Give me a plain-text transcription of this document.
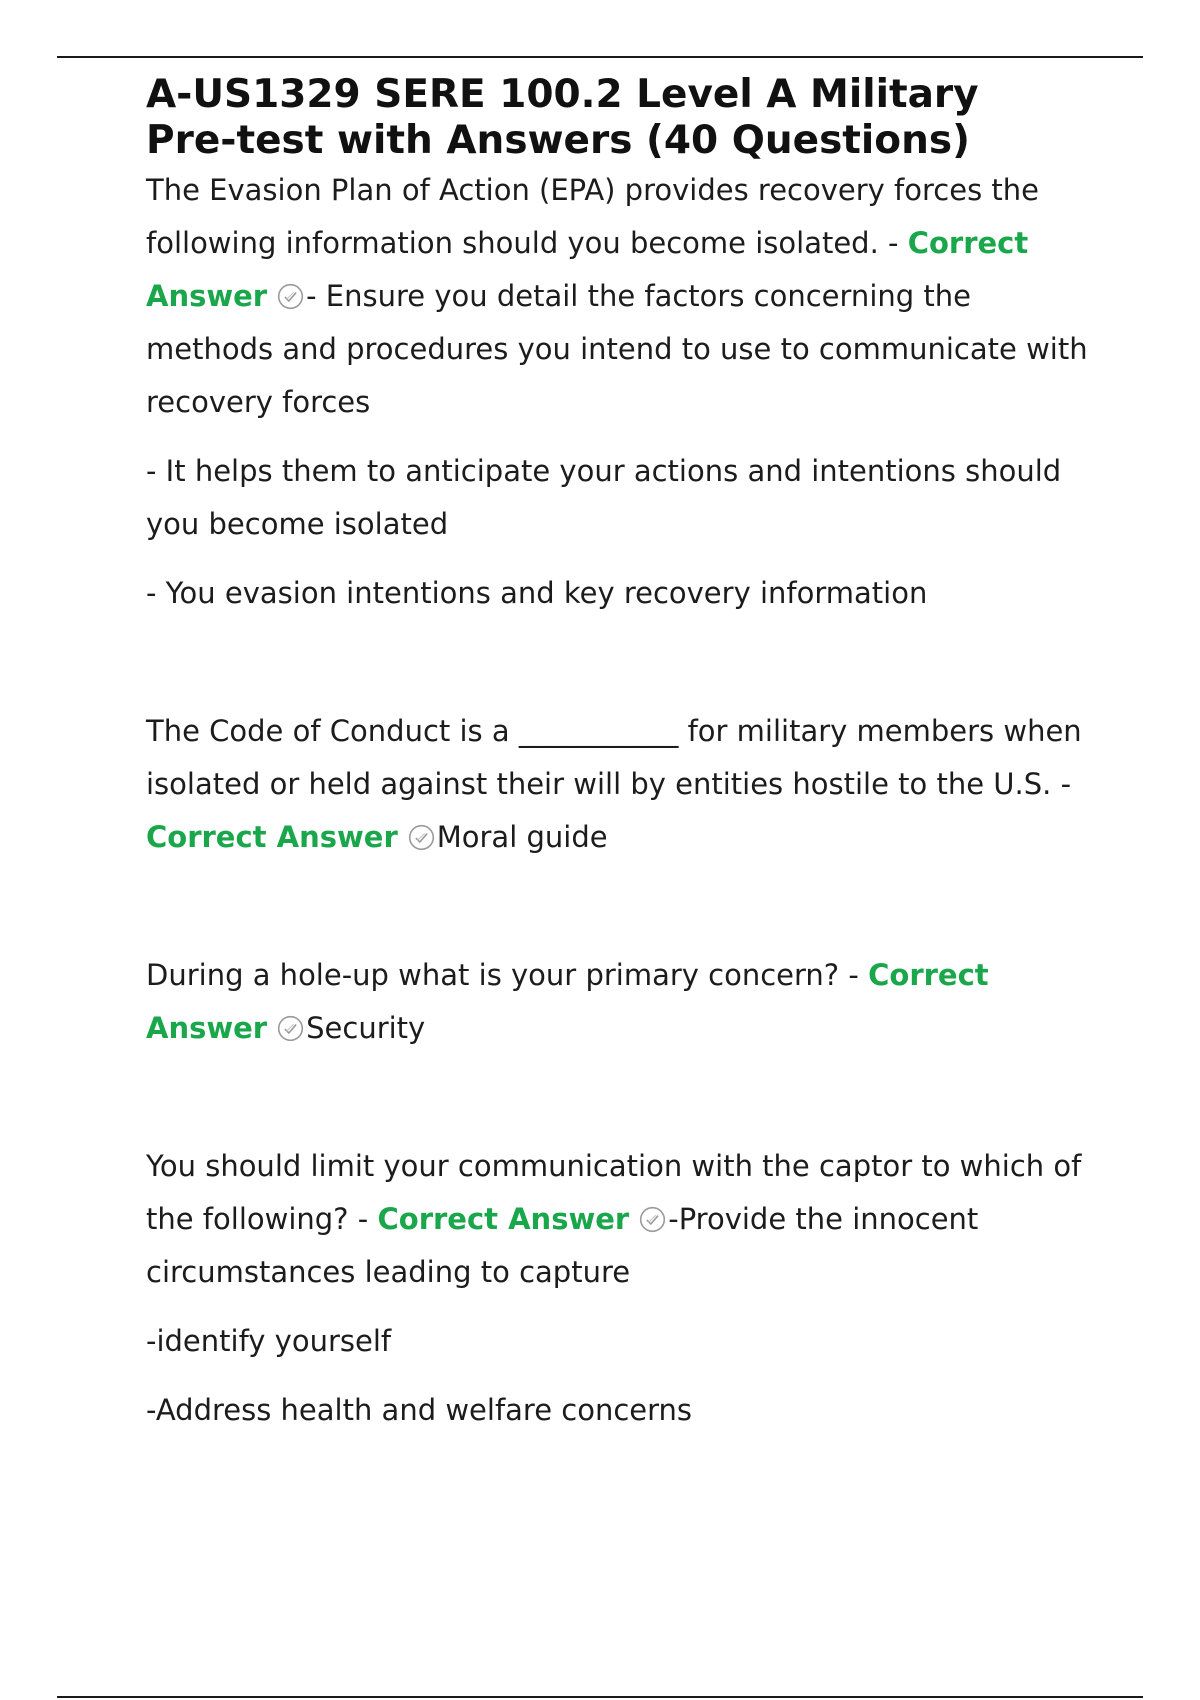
A-US1329 SERE 100.2 Level A Military
Pre-test with Answers (40 Questions)

The Evasion Plan of Action (EPA) provides recovery forces the following information should you become isolated. - Correct Answer - Ensure you detail the factors concerning the methods and procedures you intend to use to communicate with recovery forces

- It helps them to anticipate your actions and intentions should you become isolated

- You evasion intentions and key recovery information

The Code of Conduct is a ___________ for military members when isolated or held against their will by entities hostile to the U.S. - Correct Answer Moral guide

During a hole-up what is your primary concern? - Correct Answer Security

You should limit your communication with the captor to which of the following? - Correct Answer -Provide the innocent circumstances leading to capture

-identify yourself

-Address health and welfare concerns
